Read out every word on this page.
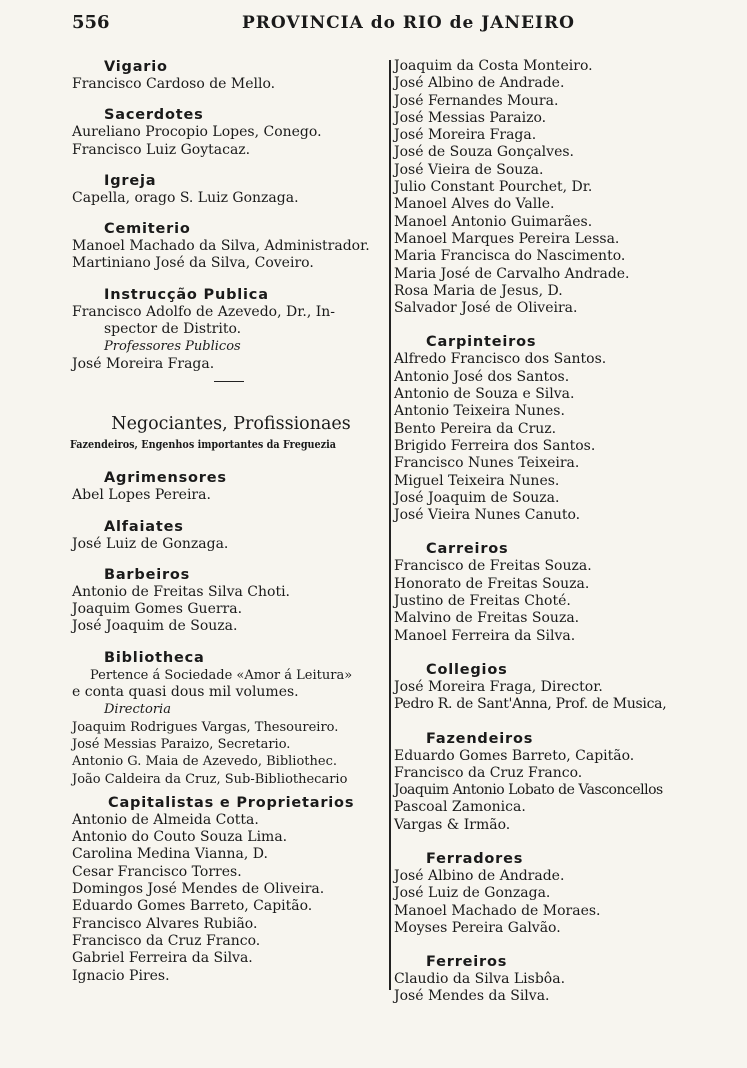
556	PROVINCIA do RIO de JANEIRO
Vigario
Francisco Cardoso de Mello.
Sacerdotes
Aureliano Procopio Lopes, Conego.
Francisco Luiz Goytacaz.
Igreja
Capella, orago S. Luiz Gonzaga.
Cemiterio
Manoel Machado da Silva, Administrador.
Martiniano José da Silva, Coveiro.
Instrucção Publica
Francisco Adolfo de Azevedo, Dr., In-
spector de Distrito.
Professores Publicos
José Moreira Fraga.
Negociantes, Profissionaes
Fazendeiros, Engenhos importantes da Freguezia
Agrimensores
Abel Lopes Pereira.
Alfaiates
José Luiz de Gonzaga.
Barbeiros
Antonio de Freitas Silva Choti.
Joaquim Gomes Guerra.
José Joaquim de Souza.
Bibliotheca
Pertence á Sociedade «Amor á Leitura»
e conta quasi dous mil volumes.
Directoria
Joaquim Rodrigues Vargas, Thesoureiro.
José Messias Paraizo, Secretario.
Antonio G. Maia de Azevedo, Bibliothec.
João Caldeira da Cruz, Sub-Bibliothecario
Capitalistas e Proprietarios
Antonio de Almeida Cotta.
Antonio do Couto Souza Lima.
Carolina Medina Vianna, D.
Cesar Francisco Torres.
Domingos José Mendes de Oliveira.
Eduardo Gomes Barreto, Capitão.
Francisco Alvares Rubião.
Francisco da Cruz Franco.
Gabriel Ferreira da Silva.
Ignacio Pires.
Joaquim da Costa Monteiro.
José Albino de Andrade.
José Fernandes Moura.
José Messias Paraizo.
José Moreira Fraga.
José de Souza Gonçalves.
José Vieira de Souza.
Julio Constant Pourchet, Dr.
Manoel Alves do Valle.
Manoel Antonio Guimarães.
Manoel Marques Pereira Lessa.
Maria Francisca do Nascimento.
Maria José de Carvalho Andrade.
Rosa Maria de Jesus, D.
Salvador José de Oliveira.
Carpinteiros
Alfredo Francisco dos Santos.
Antonio José dos Santos.
Antonio de Souza e Silva.
Antonio Teixeira Nunes.
Bento Pereira da Cruz.
Brigido Ferreira dos Santos.
Francisco Nunes Teixeira.
Miguel Teixeira Nunes.
José Joaquim de Souza.
José Vieira Nunes Canuto.
Carreiros
Francisco de Freitas Souza.
Honorato de Freitas Souza.
Justino de Freitas Choté.
Malvino de Freitas Souza.
Manoel Ferreira da Silva.
Collegios
José Moreira Fraga, Director.
Pedro R. de Sant'Anna, Prof. de Musica,
Fazendeiros
Eduardo Gomes Barreto, Capitão.
Francisco da Cruz Franco.
Joaquim Antonio Lobato de Vasconcellos
Pascoal Zamonica.
Vargas & Irmão.
Ferradores
José Albino de Andrade.
José Luiz de Gonzaga.
Manoel Machado de Moraes.
Moyses Pereira Galvão.
Ferreiros
Claudio da Silva Lisbôa.
José Mendes da Silva.
